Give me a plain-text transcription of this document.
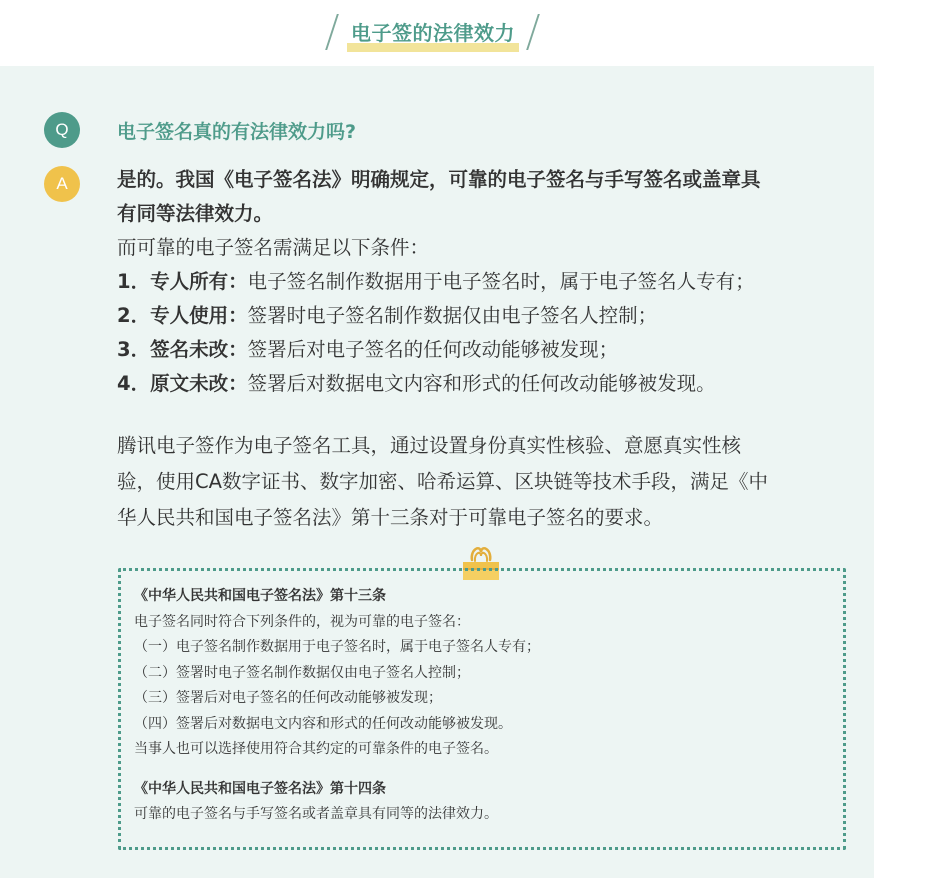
电子签的法律效力
Q	电子签名真的有法律效力吗?
A	是的。我国《电子签名法》明确规定，可靠的电子签名与手写签名或盖章具
有同等法律效力。
而可靠的电子签名需满足以下条件：
1．专人所有：电子签名制作数据用于电子签名时，属于电子签名人专有；
2．专人使用：签署时电子签名制作数据仅由电子签名人控制；
3．签名未改：签署后对电子签名的任何改动能够被发现；
4．原文未改：签署后对数据电文内容和形式的任何改动能够被发现。
腾讯电子签作为电子签名工具，通过设置身份真实性核验、意愿真实性核
验，使用CA数字证书、数字加密、哈希运算、区块链等技术手段，满足《中
华人民共和国电子签名法》第十三条对于可靠电子签名的要求。
《中华人民共和国电子签名法》第十三条
电子签名同时符合下列条件的，视为可靠的电子签名：
（一）电子签名制作数据用于电子签名时，属于电子签名人专有；
（二）签署时电子签名制作数据仅由电子签名人控制；
（三）签署后对电子签名的任何改动能够被发现；
（四）签署后对数据电文内容和形式的任何改动能够被发现。
当事人也可以选择使用符合其约定的可靠条件的电子签名。
《中华人民共和国电子签名法》第十四条
可靠的电子签名与手写签名或者盖章具有同等的法律效力。
